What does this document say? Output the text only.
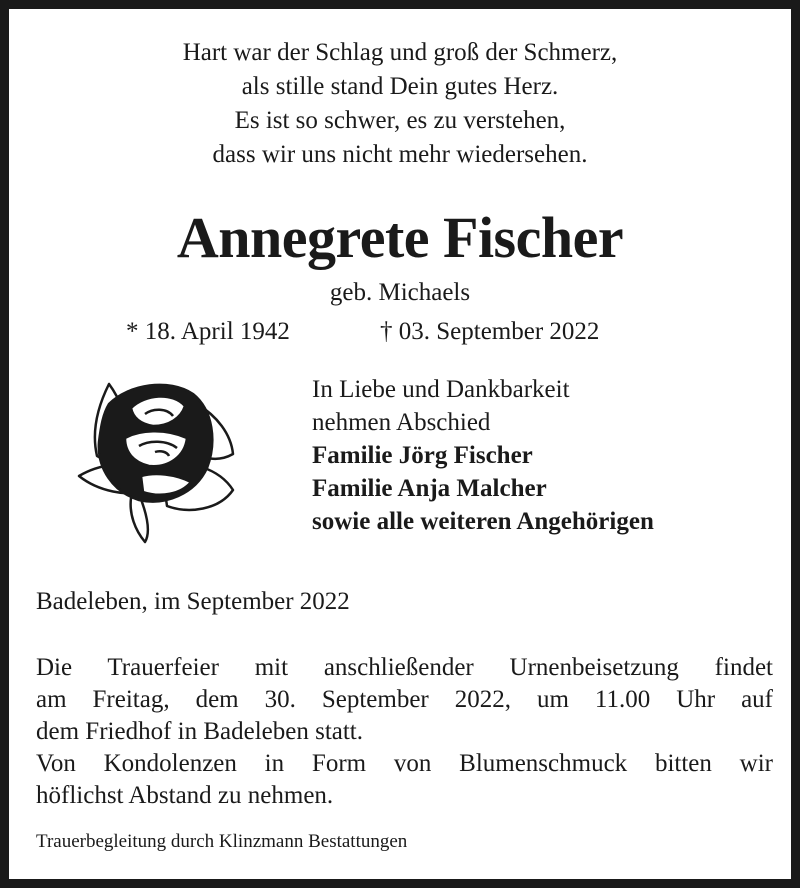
Hart war der Schlag und groß der Schmerz,
als stille stand Dein gutes Herz.
Es ist so schwer, es zu verstehen,
dass wir uns nicht mehr wiedersehen.
Annegrete Fischer
geb. Michaels
* 18. April 1942	† 03. September 2022
In Liebe und Dankbarkeit
nehmen Abschied
Familie Jörg Fischer
Familie Anja Malcher
sowie alle weiteren Angehörigen
Badeleben, im September 2022
Die Trauerfeier mit anschließender Urnenbeisetzung findet
am Freitag, dem 30. September 2022, um 11.00 Uhr auf
dem Friedhof in Badeleben statt.
Von Kondolenzen in Form von Blumenschmuck bitten wir
höflichst Abstand zu nehmen.
Trauerbegleitung durch Klinzmann Bestattungen
